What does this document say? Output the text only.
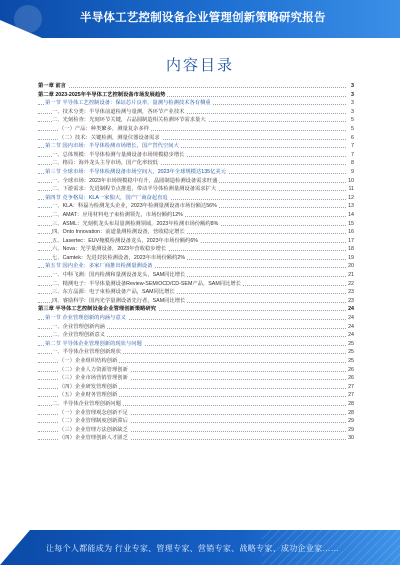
半导体工艺控制设备企业管理创新策略研究报告
内容目录
第一章 前言	3
第二章 2023-2025年半导体工艺控制设备市场发展趋势	3
第一节 半导体工艺控制设备：保证芯片良率，量测与检测技术各有侧重	3
一、技术分类：半导体前道检测与量测，各环节产业技术	3
二、光刻检查：光刻环节关键，占晶圆制造相关检测环节需求量大	5
（一）产品：种类繁多，测量复杂多样	5
（二）技术：关键检测，测量仪器设备需求	6
第二节 国内市场：半导体检测市场增长，国产替代空间大	7
一、总体规模：半导体检测与量测设备市场规模稳步增长	7
二、格局：海外龙头主导市场，国产化率较低	8
第三节 全球市场：半导体检测设备市场空间大，2023年全球规模达135亿美元	9
一、全球市场：2023年市场规模稳中有升，晶圆制造检测设备需求旺盛	10
二、下游需求：先进制程节点推进，带动半导体检测量测设备需求扩大	11
第四节 竞争格局：KLA一家独大，国产厂商奋起直追	12
一、KLA：科磊为检测龙头企业，2023年检测量测设备市场份额达56%	13
二、AMAT：应用材料电子束检测领先，市场份额约12%	14
三、ASML：光刻机龙头布局量测检测领域，2023年检测市场份额约8%	15
四、Onto Innovation：前道量测检测设备，营收稳定增长	16
五、Lasertec：EUV掩膜检测设备龙头，2023年市场份额约6%	17
六、Nova：光学量测设备，2023年营收稳步增长	18
七、Camtek：先进封装检测设备，2023年市场份额约2%	19
第五节 国内企业：多家厂商推出检测量测设备	20
一、中科飞测：国内检测和量测设备龙头，SAM同比增长	21
二、精测电子：半导体量测设备Review-SEM/OCD/CD-SEM产品，SAM同比增长	22
三、东方晶源：电子束检测设备产品，SAM同比增长	23
四、睿励科学：国内光学量测设备先行者，SAM同比增长	23
第三章 半导体工艺控制设备企业管理创新策略研究	24
第一节 企业管理创新的内涵与意义	24
一、企业管理创新内涵	24
二、企业管理创新意义	24
第二节 半导体企业管理创新的现状与问题	25
一、半导体企业管理创新现状	25
（一）企业组织结构创新	25
（二）企业人力资源管理创新	26
（三）企业市场营销管理创新	26
（四）企业研发管理创新	27
（五）企业财务管理创新	27
二、半导体企业管理创新问题	28
（一）企业管理观念创新不足	28
（二）企业管理制度创新滞后	29
（三）企业管理方法创新缺乏	29
（四）企业管理创新人才匮乏	30
让每个人都能成为 行业专家、管理专家、营销专家、战略专家、成功企业家……
